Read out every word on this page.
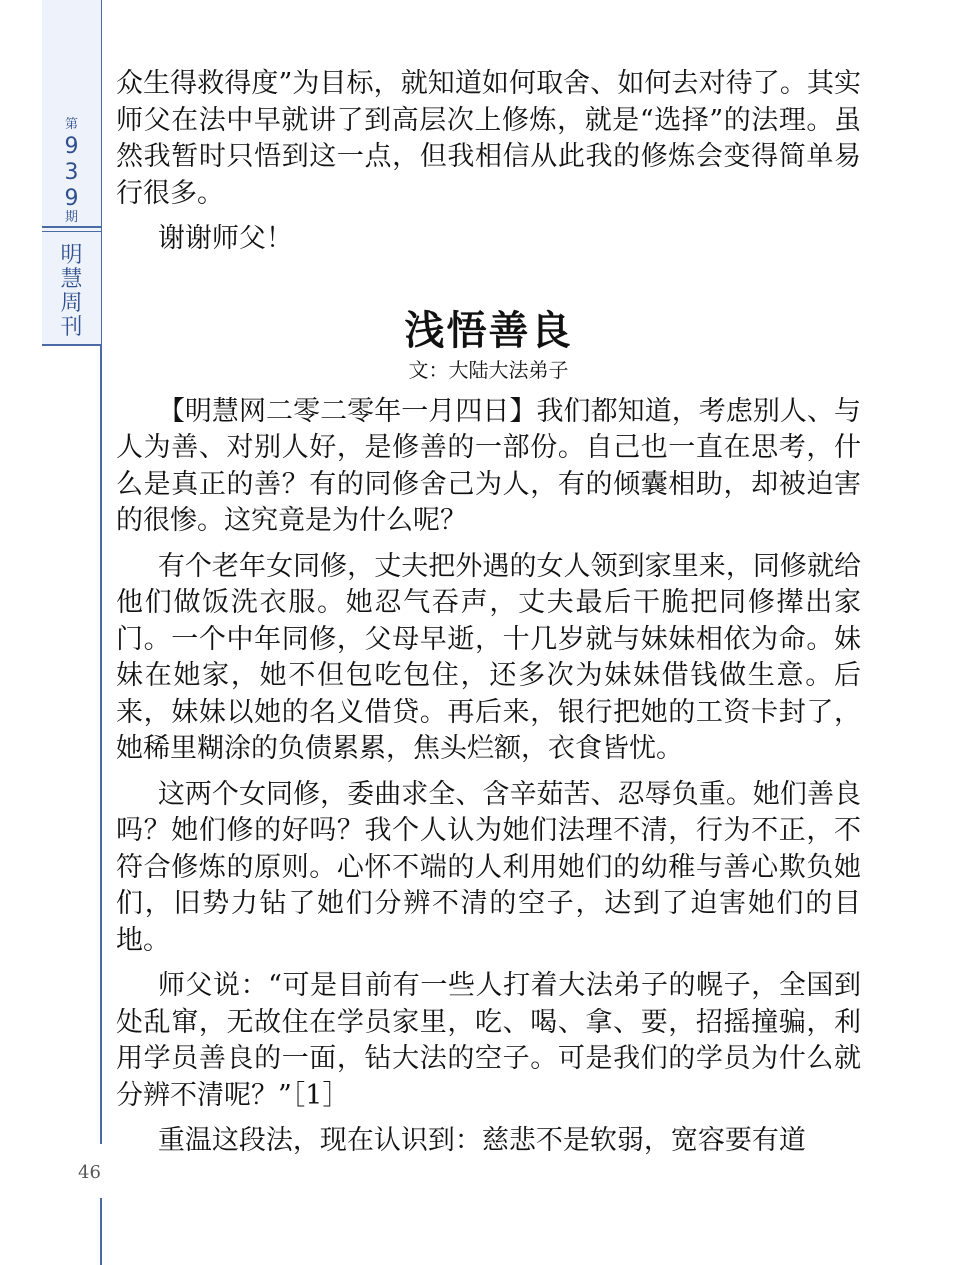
第
9
3
9
期
明
慧
周
刊
46

众生得救得度”为目标，就知道如何取舍、如何去对待了。其实师父在法中早就讲了到高层次上修炼，就是“选择”的法理。虽然我暂时只悟到这一点，但我相信从此我的修炼会变得简单易行很多。

谢谢师父！

浅悟善良
文：大陆大法弟子

【明慧网二零二零年一月四日】我们都知道，考虑别人、与人为善、对别人好，是修善的一部份。自己也一直在思考，什么是真正的善？有的同修舍己为人，有的倾囊相助，却被迫害的很惨。这究竟是为什么呢？

有个老年女同修，丈夫把外遇的女人领到家里来，同修就给他们做饭洗衣服。她忍气吞声，丈夫最后干脆把同修撵出家门。一个中年同修，父母早逝，十几岁就与妹妹相依为命。妹妹在她家，她不但包吃包住，还多次为妹妹借钱做生意。后来，妹妹以她的名义借贷。再后来，银行把她的工资卡封了，她稀里糊涂的负债累累，焦头烂额，衣食皆忧。

这两个女同修，委曲求全、含辛茹苦、忍辱负重。她们善良吗？她们修的好吗？我个人认为她们法理不清，行为不正，不符合修炼的原则。心怀不端的人利用她们的幼稚与善心欺负她们，旧势力钻了她们分辨不清的空子，达到了迫害她们的目地。

师父说：“可是目前有一些人打着大法弟子的幌子，全国到处乱窜，无故住在学员家里，吃、喝、拿、要，招摇撞骗，利用学员善良的一面，钻大法的空子。可是我们的学员为什么就分辨不清呢？”［1］

重温这段法，现在认识到：慈悲不是软弱，宽容要有道
